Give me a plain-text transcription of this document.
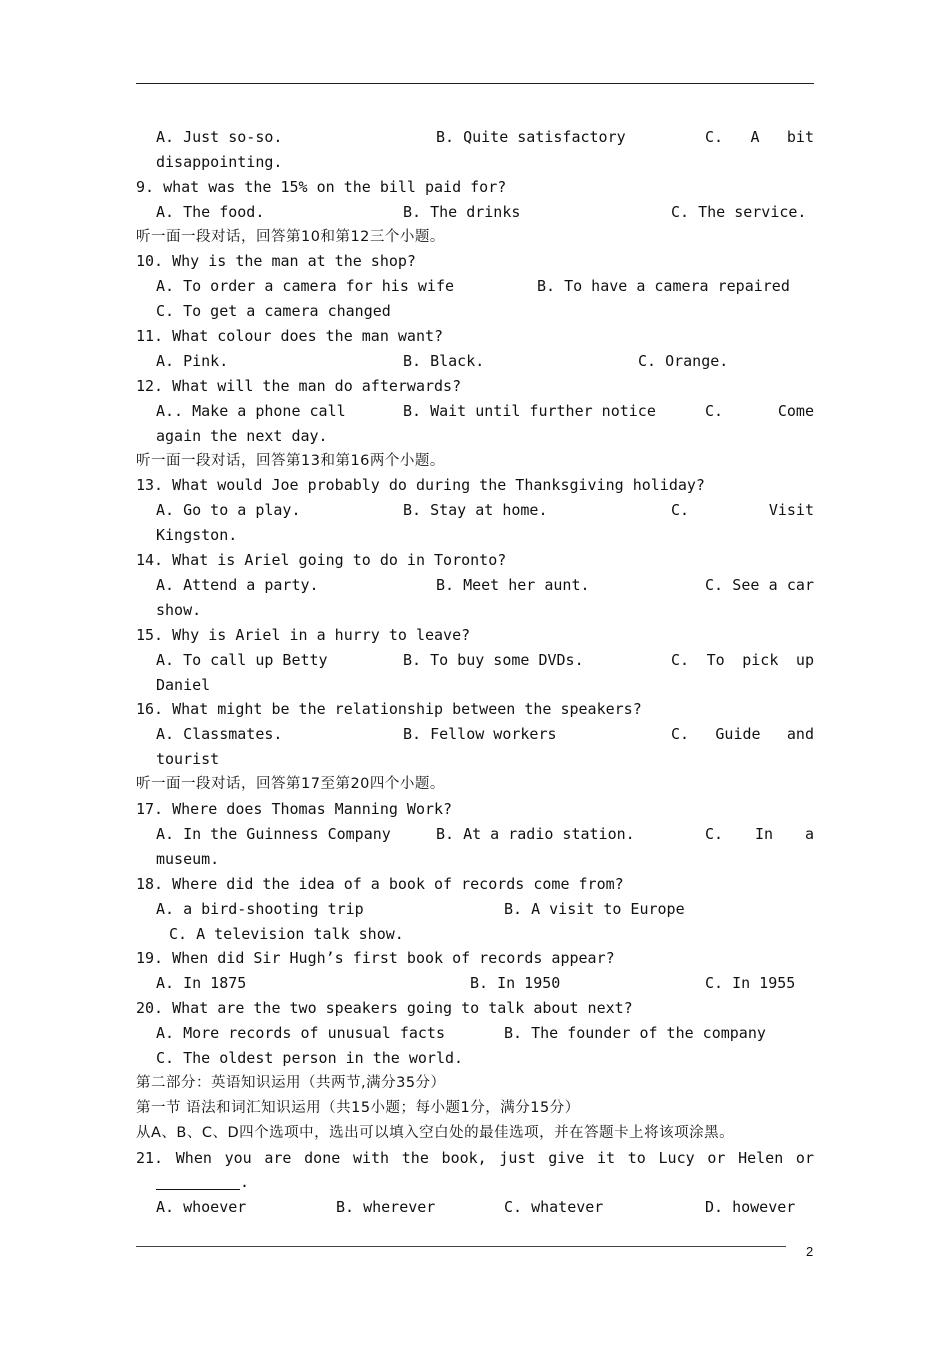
A. Just so-so.

	B. Quite satisfactory

	C. A bit

disappointing.
9. what was the 15% on the bill paid for?

A. The food.

	B. The drinks

	C. The service.

听一面一段对话，回答第10和第12三个小题。
10. Why is the man at the shop?

A. To order a camera for his wife

	B. To have a camera repaired

C. To get a camera changed
11. What colour does the man want?

A. Pink.

	B. Black.

	C. Orange.

12. What will the man do afterwards?

A.. Make a phone call

	B. Wait until further notice

	C. Come

again the next day.
听一面一段对话，回答第13和第16两个小题。
13. What would Joe probably do during the Thanksgiving holiday?

A. Go to a play.

	B. Stay at home.

	C. Visit

Kingston.
14. What is Ariel going to do in Toronto?

A. Attend a party.

	B. Meet her aunt.

	C. See a car

show.
15. Why is Ariel in a hurry to leave?

A. To call up Betty

	B. To buy some DVDs.

	C. To pick up

Daniel
16. What might be the relationship between the speakers?

A. Classmates.

	B. Fellow workers

	C. Guide and

tourist
听一面一段对话，回答第17至第20四个小题。
17. Where does Thomas Manning Work?

A. In the Guinness Company

	B. At a radio station.

	C. In a

museum.
18. Where did the idea of a book of records come from?

A. a bird-shooting trip

	B. A visit to Europe

C. A television talk show.
19. When did Sir Hugh’s first book of records appear?

A. In 1875

	B. In 1950

	C. In 1955

20. What are the two speakers going to talk about next?

A. More records of unusual facts

	B. The founder of the company

C. The oldest person in the world.
第二部分：英语知识运用（共两节,满分35分）
第一节 语法和词汇知识运用（共15小题；每小题1分，满分15分）
从A、B、C、D四个选项中，选出可以填入空白处的最佳选项，并在答题卡上将该项涂黑。
21. When you are done with the book, just give it to Lucy or Helen or
.

A. whoever

	B. wherever

	C. whatever

	D. however

2
